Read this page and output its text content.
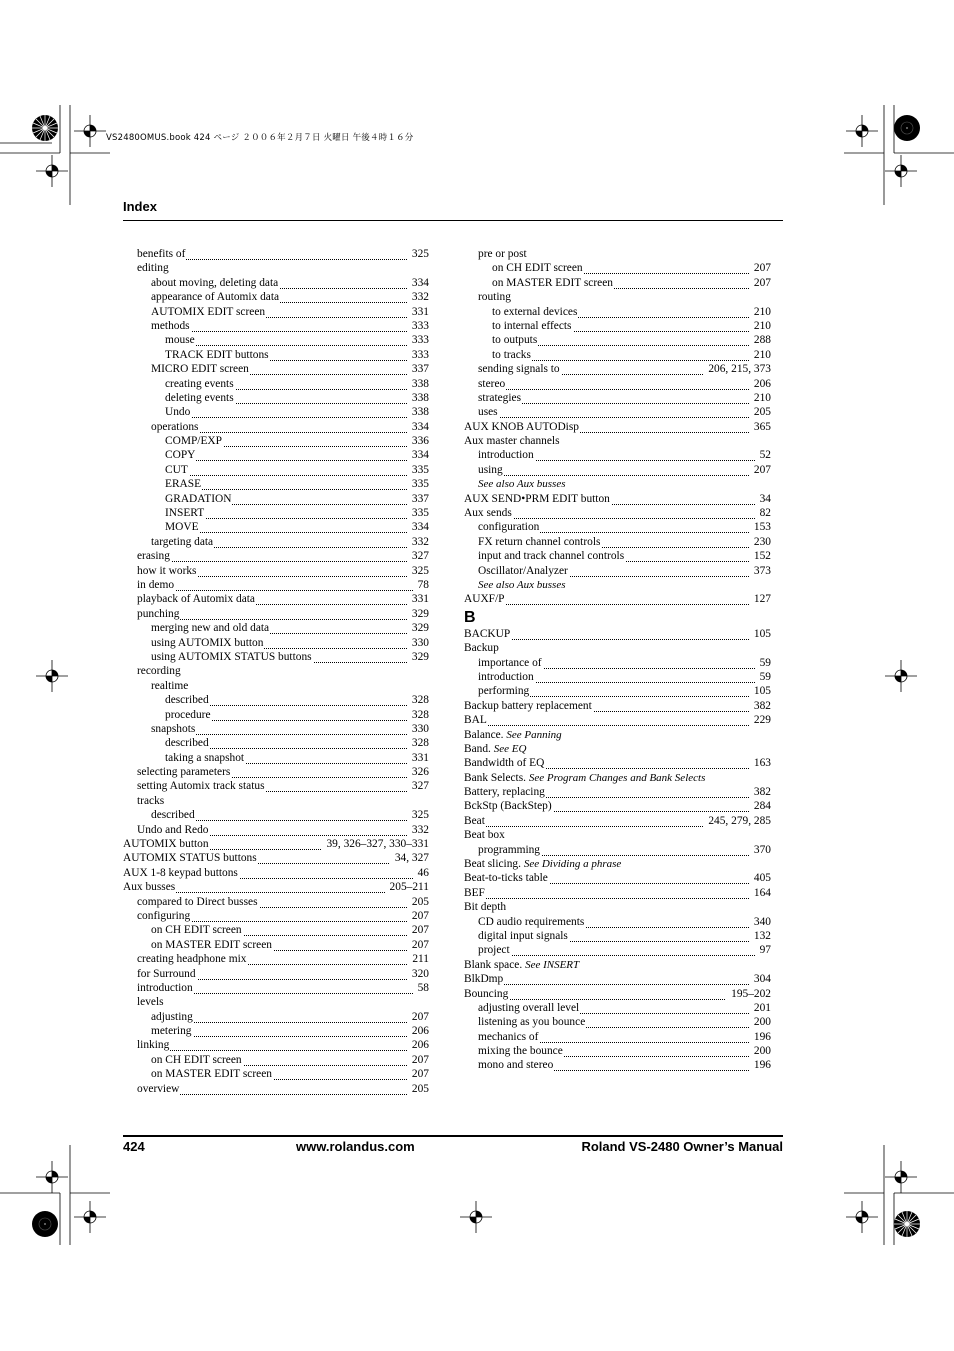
VS2480OMUS.book 424 ページ ２００６年２月７日 火曜日 午後４時１６分
Index
benefits of	325
editing
about moving, deleting data	334
appearance of Automix data	332
AUTOMIX EDIT screen	331
methods	333
mouse	333
TRACK EDIT buttons	333
MICRO EDIT screen	337
creating events	338
deleting events	338
Undo	338
operations	334
COMP/EXP	336
COPY	334
CUT	335
ERASE	335
GRADATION	337
INSERT	335
MOVE	334
targeting data	332
erasing	327
how it works	325
in demo	78
playback of Automix data	331
punching	329
merging new and old data	329
using AUTOMIX button	330
using AUTOMIX STATUS buttons	329
recording
realtime
described	328
procedure	328
snapshots	330
described	328
taking a snapshot	331
selecting parameters	326
setting Automix track status	327
tracks
described	325
Undo and Redo	332
AUTOMIX button	39, 326–327, 330–331
AUTOMIX STATUS buttons	34, 327
AUX 1-8 keypad buttons	46
Aux busses	205–211
compared to Direct busses	205
configuring	207
on CH EDIT screen	207
on MASTER EDIT screen	207
creating headphone mix	211
for Surround	320
introduction	58
levels
adjusting	207
metering	206
linking	206
on CH EDIT screen	207
on MASTER EDIT screen	207
overview	205
pre or post
on CH EDIT screen	207
on MASTER EDIT screen	207
routing
to external devices	210
to internal effects	210
to outputs	288
to tracks	210
sending signals to	206, 215, 373
stereo	206
strategies	210
uses	205
AUX KNOB AUTODisp	365
Aux master channels
introduction	52
using	207
See also Aux busses
AUX SEND•PRM EDIT button	34
Aux sends	82
configuration	153
FX return channel controls	230
input and track channel controls	152
Oscillator/Analyzer	373
See also Aux busses
AUXF/P	127
B
BACKUP	105
Backup
importance of	59
introduction	59
performing	105
Backup battery replacement	382
BAL	229
Balance. See Panning
Band. See EQ
Bandwidth of EQ	163
Bank Selects. See Program Changes and Bank Selects
Battery, replacing	382
BckStp (BackStep)	284
Beat	245, 279, 285
Beat box
programming	370
Beat slicing. See Dividing a phrase
Beat-to-ticks table	405
BEF	164
Bit depth
CD audio requirements	340
digital input signals	132
project	97
Blank space. See INSERT
BlkDmp	304
Bouncing	195–202
adjusting overall level	201
listening as you bounce	200
mechanics of	196
mixing the bounce	200
mono and stereo	196
424	www.rolandus.com	Roland VS-2480 Owner’s Manual
